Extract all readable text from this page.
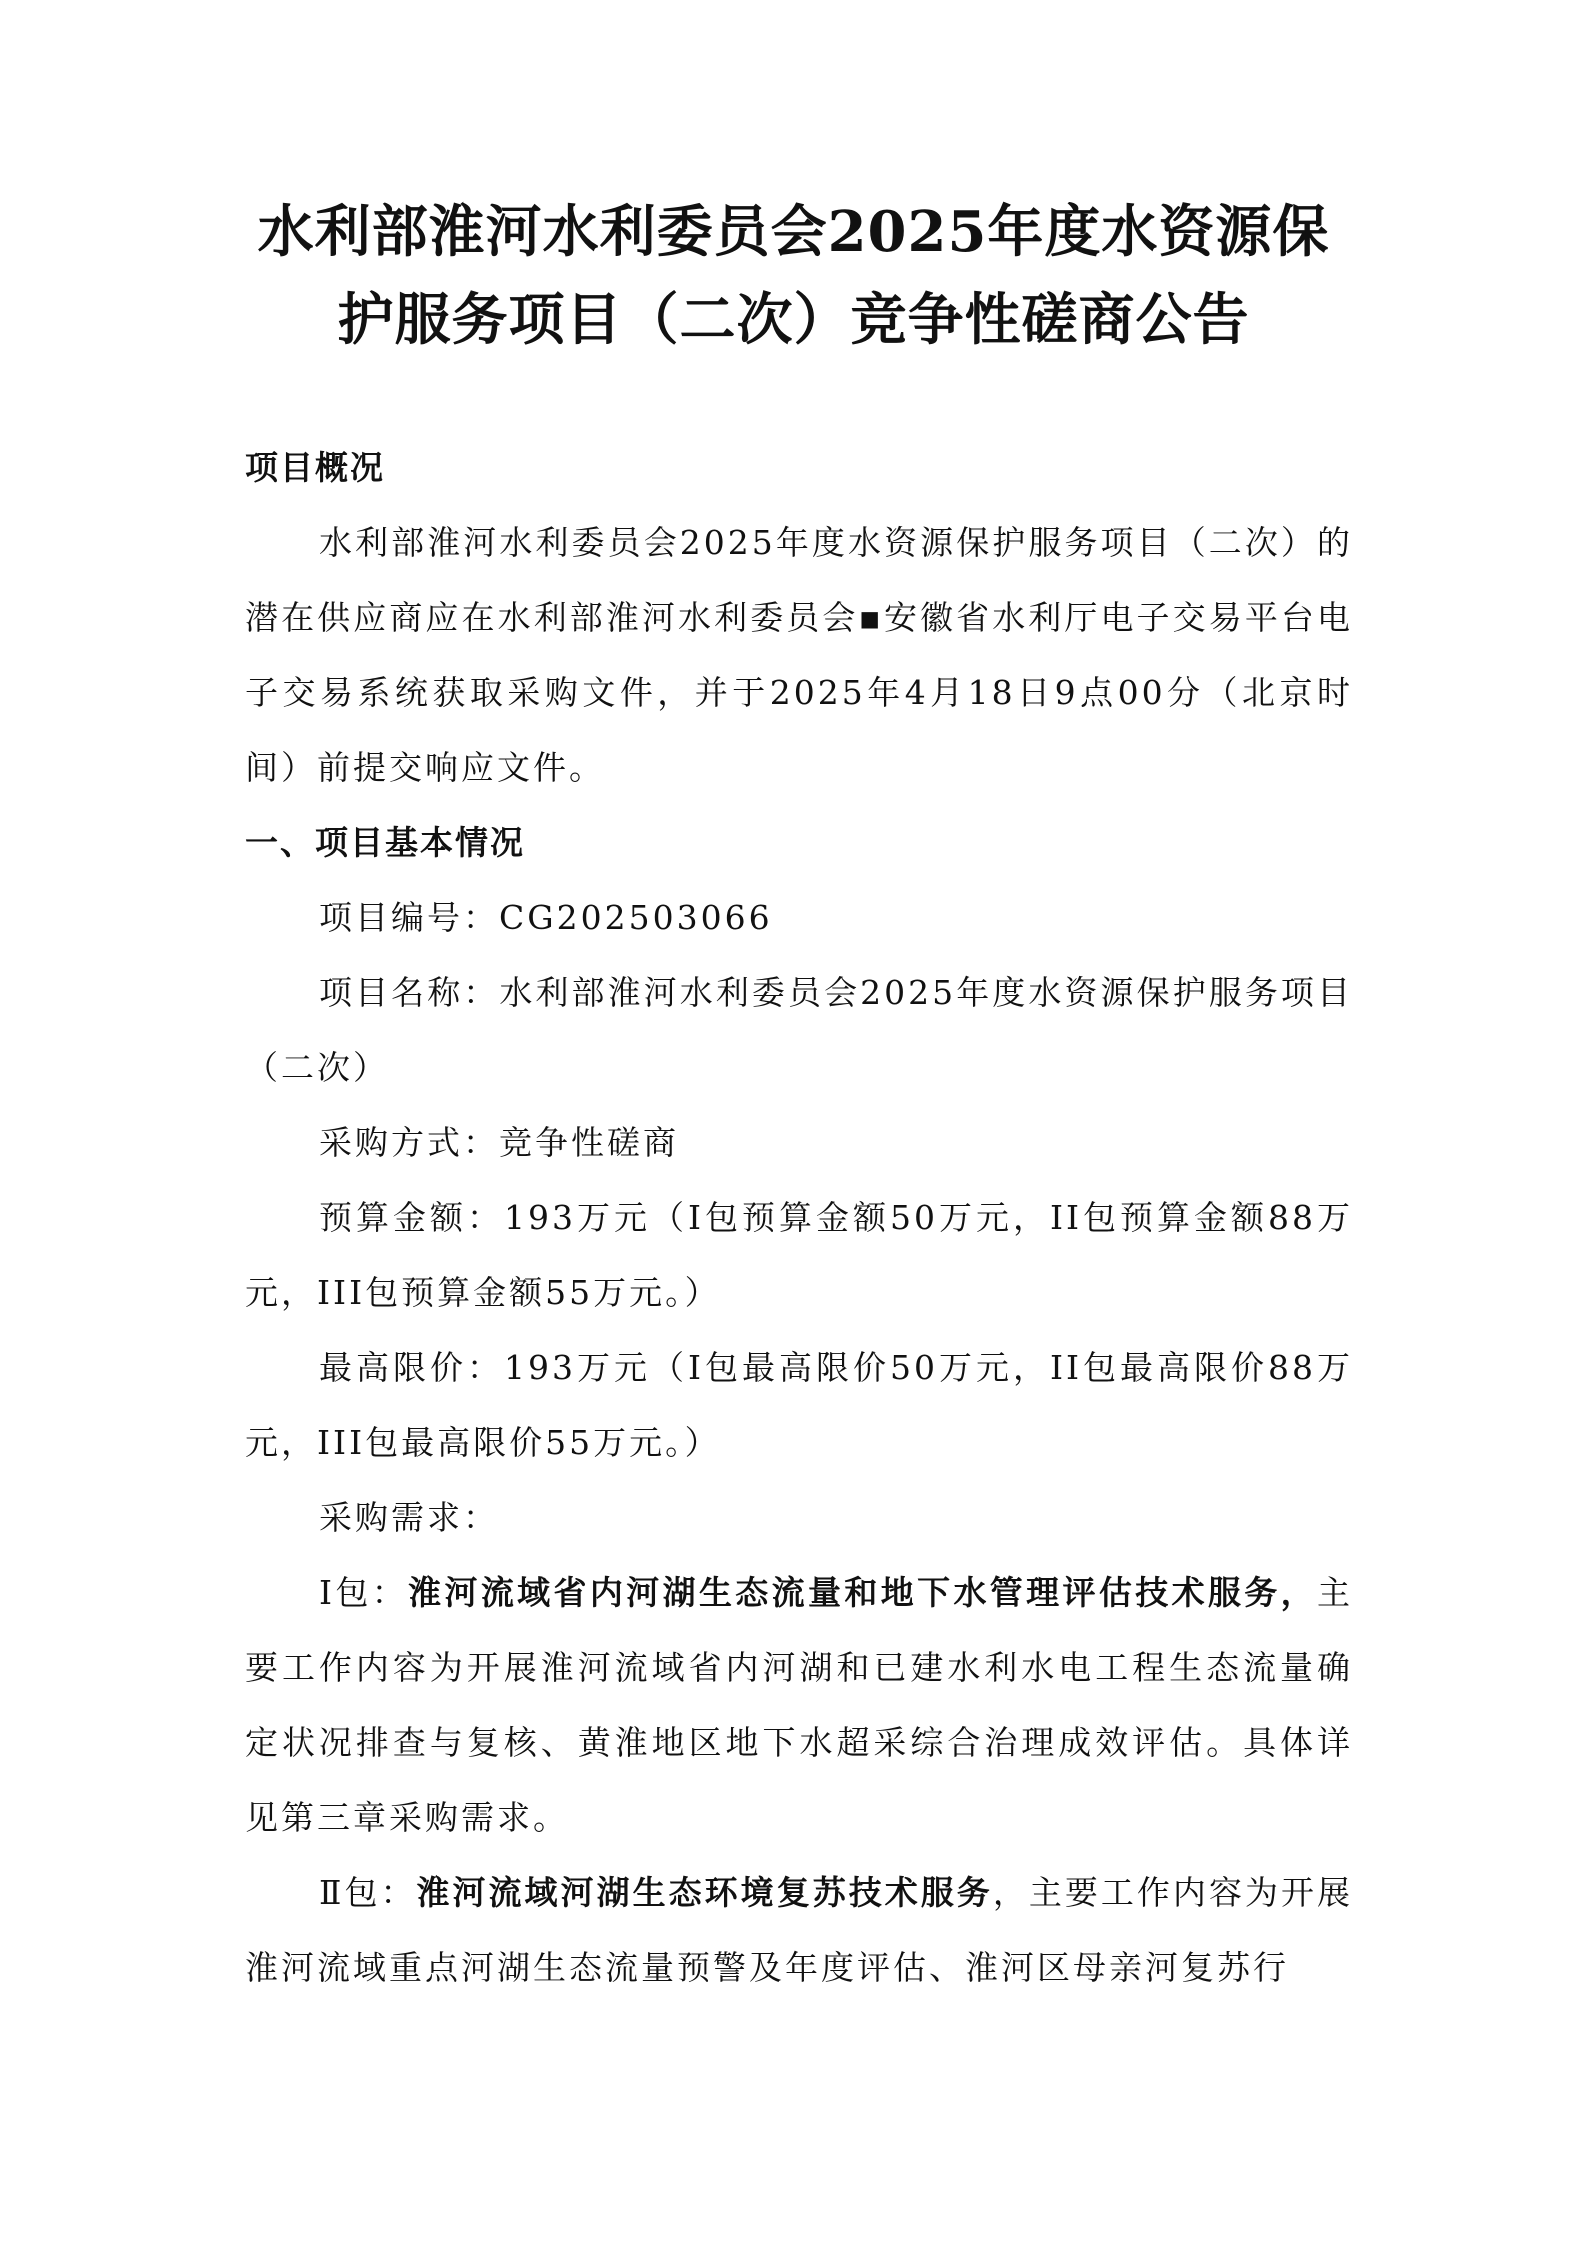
水利部淮河水利委员会2025年度水资源保
护服务项目（二次）竞争性磋商公告

项目概况

水利部淮河水利委员会2025年度水资源保护服务项目（二次）的潜在供应商应在水利部淮河水利委员会▪安徽省水利厅电子交易平台电子交易系统获取采购文件，并于2025年4月18日9点00分（北京时间）前提交响应文件。

一、项目基本情况

项目编号：CG202503066

项目名称：水利部淮河水利委员会2025年度水资源保护服务项目（二次）

采购方式：竞争性磋商

预算金额：193万元（I包预算金额50万元，II包预算金额88万元，III包预算金额55万元。）

最高限价：193万元（I包最高限价50万元，II包最高限价88万元，III包最高限价55万元。）

采购需求：

Ⅰ包：淮河流域省内河湖生态流量和地下水管理评估技术服务，主要工作内容为开展淮河流域省内河湖和已建水利水电工程生态流量确定状况排查与复核、黄淮地区地下水超采综合治理成效评估。具体详见第三章采购需求。

Ⅱ包：淮河流域河湖生态环境复苏技术服务，主要工作内容为开展淮河流域重点河湖生态流量预警及年度评估、淮河区母亲河复苏行
